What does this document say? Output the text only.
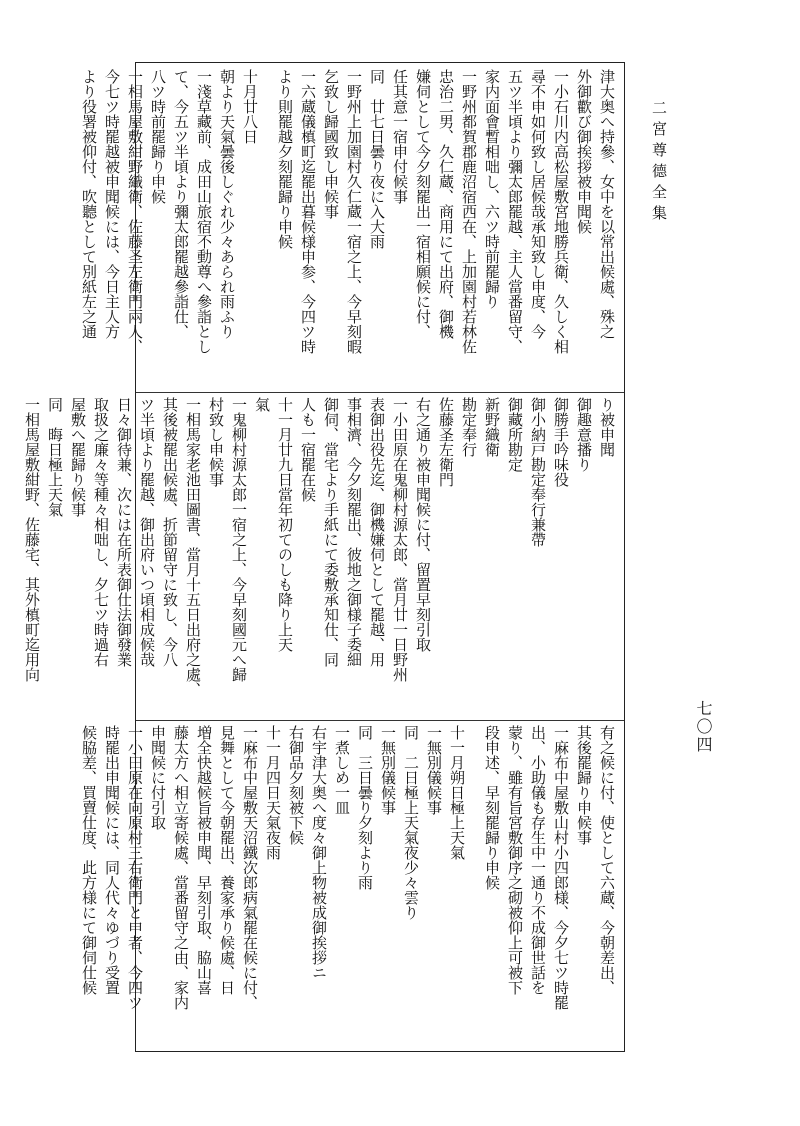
二宮尊德全集
七〇四
津大奥へ持參、女中を以常出候處、殊之
外御歡び御挨拶被申聞候
一小石川内高松屋敷宮地勝兵衛、久しく相
尋不申如何致し居候哉承知致し申度、今
五ツ半頃より彌太郎罷越、主人當番留守、
家内面會暫相咄し、六ツ時前罷歸り
一野州都賀郡鹿沼宿西在、上加園村若林佐
忠治二男、久仁蔵、商用にて出府、御機
嫌伺として今夕刻罷出一宿相願候に付、
任其意一宿申付候事
同　廿七日曇り夜に入大雨
一野州上加園村久仁蔵一宿之上、今早刻暇
乞致し歸國致し申候事
一六蔵儀槙町迄罷出暮候様申参、今四ツ時
より則罷越夕刻罷歸り申候
十月廿八日
朝より天氣曇後しぐれ少々あられ雨ふり
一淺草藏前、成田山旅宿不動尊へ參詣とし
て、今五ツ半頃より彌太郎罷越參詣仕、
八ツ時前罷歸り申候
一相馬屋敷紺野織衛、佐藤圣左衛門兩人、
今七ツ時罷越被申聞候には、今日主人方
より役署被仰付、吹聽として別紙左之通
り被申聞
御趣意播り
御勝手吟味役
御小納戸勘定奉行兼帶
御藏所勘定
新野織衛
勘定奉行
佐藤圣左衛門
右之通り被申聞候に付、留置早刻引取
一小田原在鬼柳村源太郎、當月廿一日野州
表御出役先迄、御機嫌伺として罷越、用
事相濟、今夕刻罷出、彼地之御様子委細
御伺、當宅より手紙にて委敷承知仕、同
人も一宿罷在候
十一月廿九日當年初てのしも降り上天
氣
一鬼柳村源太郎一宿之上、今早刻國元へ歸
村致し申候事
一相馬家老池田圖書、當月十五日出府之處、
其後被罷出候處、折節留守に致し、今八
ツ半頃より罷越、御出府いつ頃相成候哉
日々御待兼、次には在所表御仕法御發業
取扱之廉々等種々相咄し、夕七ツ時過右
屋敷へ罷歸り候事
同　晦日極上天氣
一相馬屋敷紺野、佐藤宅、其外槙町迄用向
有之候に付、使として六蔵、今朝差出、
其後罷歸り申候事
一麻布中屋敷山村小四郎様、今夕七ツ時罷
出、小助儀も存生中一通り不成御世話を
蒙り、雖有旨宮敷御序之砌被仰上可被下
段申述、早刻罷歸り申候
十一月朔日極上天氣
一無別儀候事
同　二日極上天氣夜少々雲り
一無別儀候事
同　三日曇り夕刻より雨
一煮しめ一皿
右宇津大奥へ度々御上物被成御挨拶ニ
右御品夕刻被下候
十一月四日天氣夜雨
一麻布中屋敷天沼鐵次郎病氣罷在候に付、
見舞として今朝罷出、養家承り候處、日
増全快越候旨被申聞、早刻引取、脇山喜
藤太方へ相立寄候處、當番留守之由、家内
申聞候に付引取
一小田原在向原村三右衛門と申者、今四ツ
時罷出申聞候には、同人代々ゆづり受置
候脇差、買賣仕度、此方様にて御伺仕候
